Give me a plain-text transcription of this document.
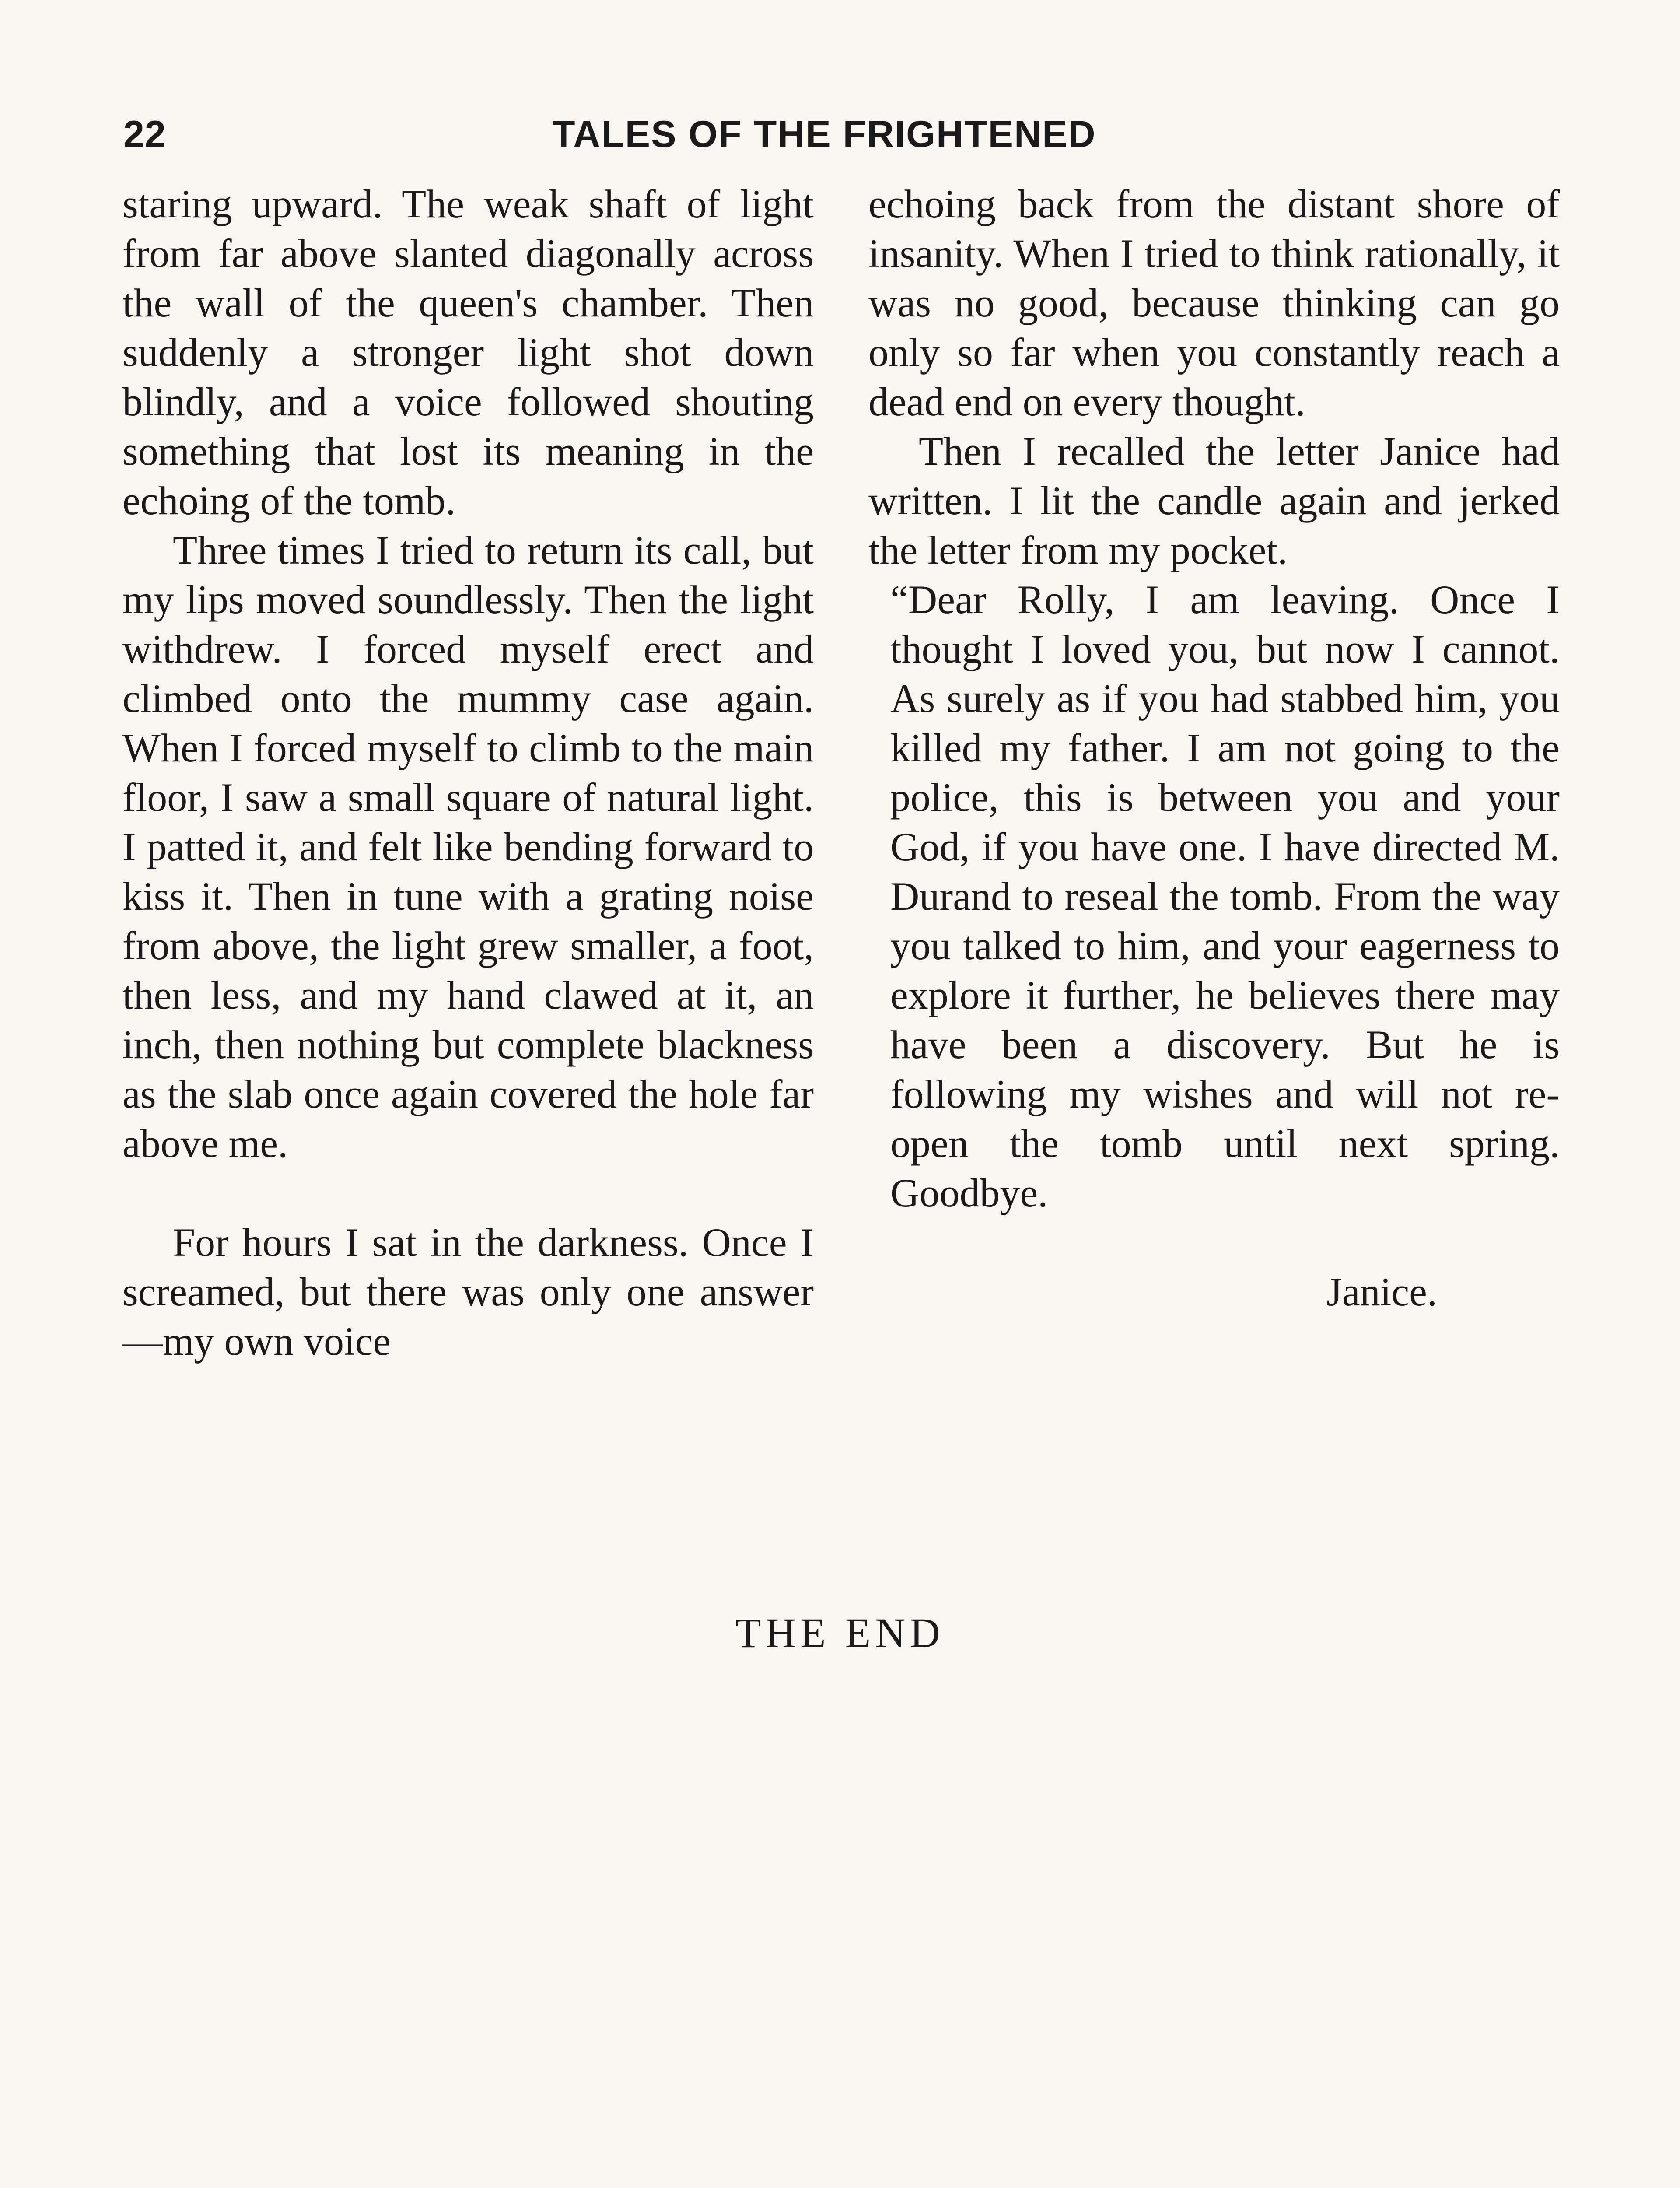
22	TALES OF THE FRIGHTENED

staring upward. The weak shaft of light from far above slanted diagonally across the wall of the queen's chamber. Then suddenly a stronger light shot down blindly, and a voice followed shouting something that lost its meaning in the echoing of the tomb.

Three times I tried to return its call, but my lips moved soundlessly. Then the light withdrew. I forced myself erect and climbed onto the mummy case again. When I forced myself to climb to the main floor, I saw a small square of natural light. I patted it, and felt like bending forward to kiss it. Then in tune with a grating noise from above, the light grew smaller, a foot, then less, and my hand clawed at it, an inch, then nothing but complete blackness as the slab once again covered the hole far above me.

For hours I sat in the darkness. Once I screamed, but there was only one answer—my own voice

echoing back from the distant shore of insanity. When I tried to think rationally, it was no good, because thinking can go only so far when you constantly reach a dead end on every thought.

Then I recalled the letter Janice had written. I lit the candle again and jerked the letter from my pocket.

“Dear Rolly, I am leaving. Once I thought I loved you, but now I cannot. As surely as if you had stabbed him, you killed my father. I am not going to the police, this is between you and your God, if you have one. I have directed M. Durand to reseal the tomb. From the way you talked to him, and your eagerness to explore it further, he believes there may have been a discovery. But he is following my wishes and will not re-open the tomb until next spring. Goodbye.

Janice.
THE END
